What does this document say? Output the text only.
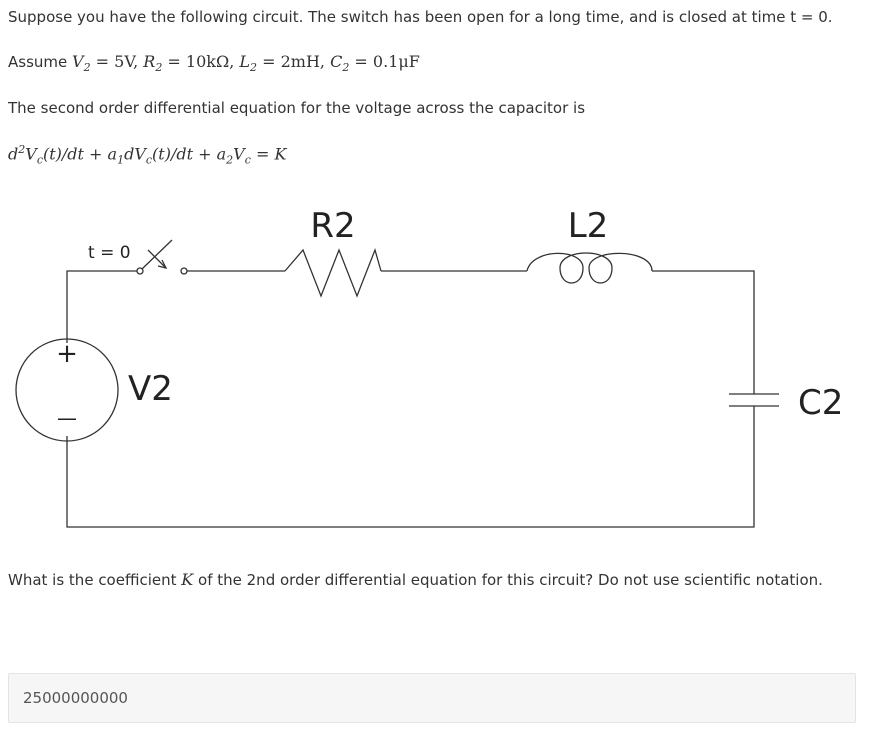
Suppose you have the following circuit. The switch has been open for a long time, and is closed at time t = 0.
Assume $V_2 = 5V$, $R_2 = 10k\Omega$, $L_2 = 2mH$, $C_2 = 0.1\mu F$
The second order differential equation for the voltage across the capacitor is
$d^2V_c(t)/dt + a_1dV_c(t)/dt + a_2V_c = K$
+
—
t = 0
R2	L2
V2	C2
What is the coefficient K of the 2nd order differential equation for this circuit? Do not use scientific notation.
25000000000
